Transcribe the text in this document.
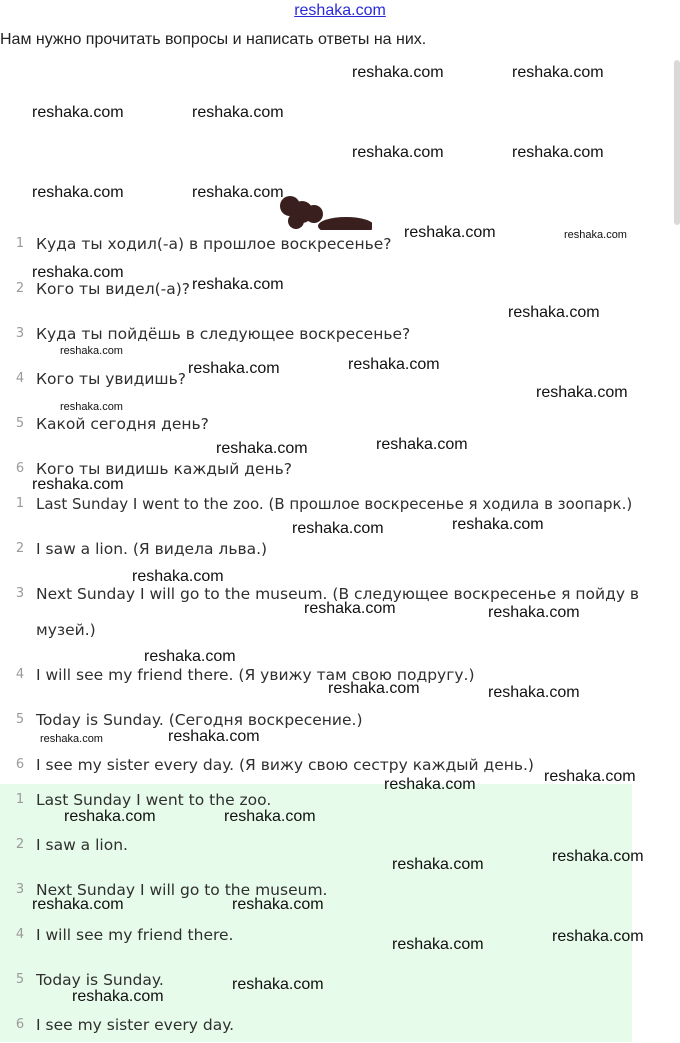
reshaka.com
Нам нужно прочитать вопросы и написать ответы на них.
1 Куда ты ходил(-а) в прошлое воскресенье?
2 Кого ты видел(-а)?
3 Куда ты пойдёшь в следующее воскресенье?
4 Кого ты увидишь?
5 Какой сегодня день?
6 Кого ты видишь каждый день?
1 Last Sunday I went to the zoo. (В прошлое воскресенье я ходила в зоопарк.)
2 I saw a lion. (Я видела льва.)
3 Next Sunday I will go to the museum. (В следующее воскресенье я пойду в музей.)
4 I will see my friend there. (Я увижу там свою подругу.)
5 Today is Sunday. (Сегодня воскресение.)
6 I see my sister every day. (Я вижу свою сестру каждый день.)
1 Last Sunday I went to the zoo.
2 I saw a lion.
3 Next Sunday I will go to the museum.
4 I will see my friend there.
5 Today is Sunday.
6 I see my sister every day.
reshaka.com	reshaka.com
reshaka.com	reshaka.com
reshaka.com	reshaka.com
reshaka.com	reshaka.com
reshaka.com	reshaka.com
reshaka.com
reshaka.com
reshaka.com
reshaka.com
reshaka.com
reshaka.com
reshaka.com
reshaka.com
reshaka.com
reshaka.com
reshaka.com
reshaka.com
reshaka.com
reshaka.com
reshaka.com	reshaka.com
reshaka.com
reshaka.com	reshaka.com
reshaka.com	reshaka.com
reshaka.com
reshaka.com
reshaka.com	reshaka.com
reshaka.com
reshaka.com
reshaka.com	reshaka.com
reshaka.com
reshaka.com
reshaka.com
reshaka.com
